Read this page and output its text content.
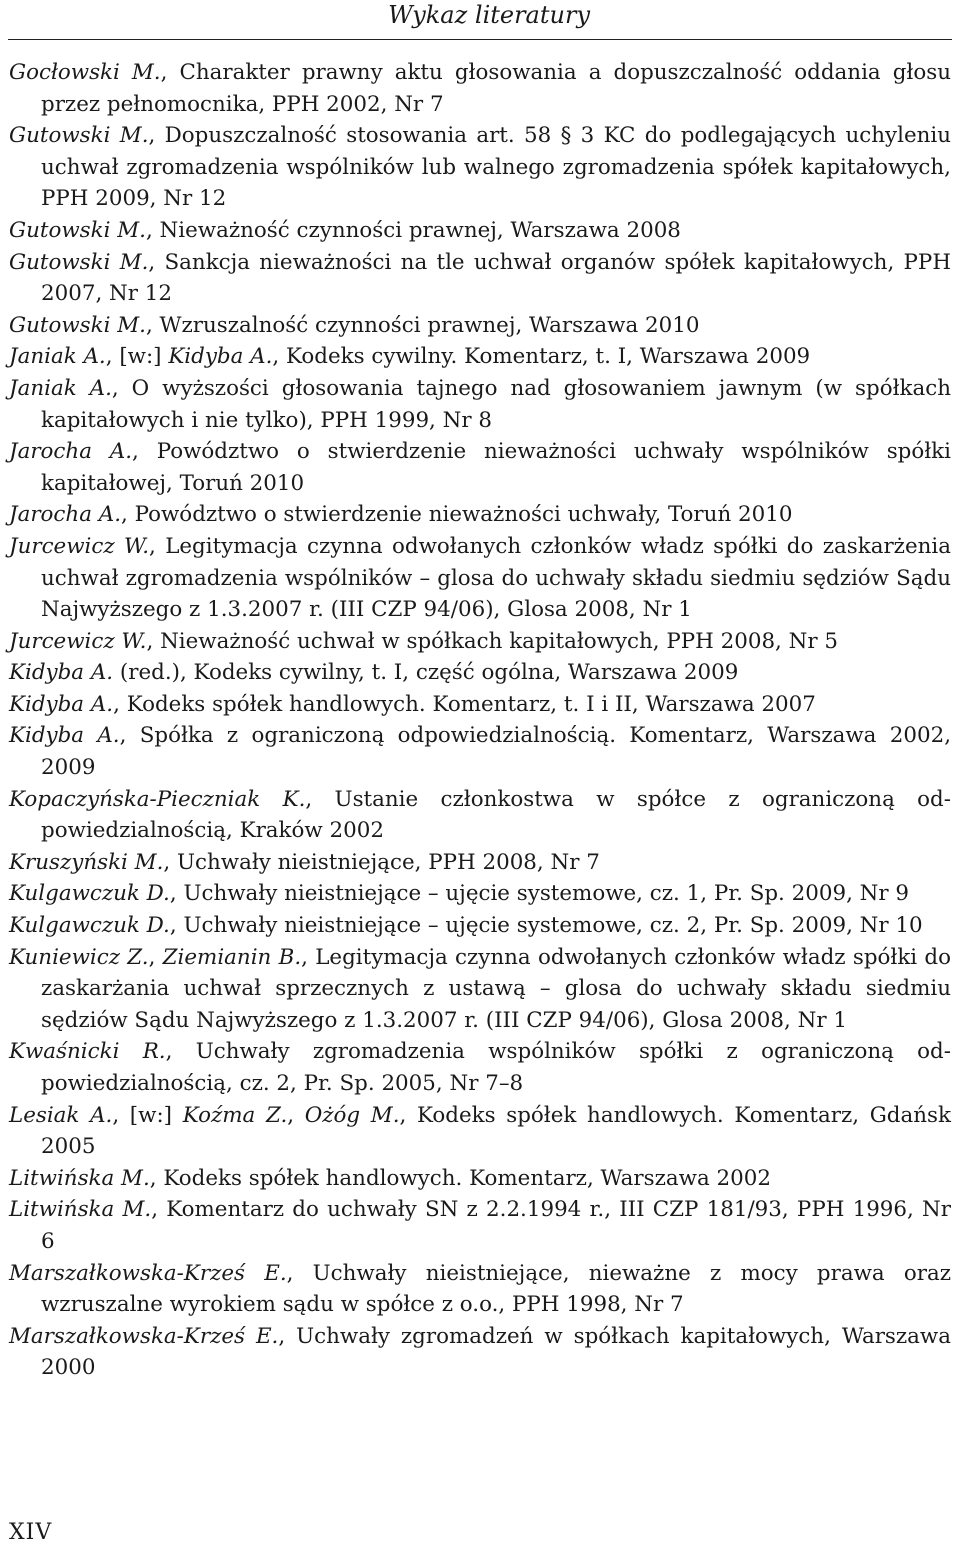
Wykaz literatury
Gocłowski M., Charakter prawny aktu głosowania a dopuszczalność oddania głosu przez pełnomocnika, PPH 2002, Nr 7
Gutowski M., Dopuszczalność stosowania art. 58 § 3 KC do podlegających uchyleniu uchwał zgromadzenia wspólników lub walnego zgromadzenia spółek kapitałowych, PPH 2009, Nr 12
Gutowski M., Nieważność czynności prawnej, Warszawa 2008
Gutowski M., Sankcja nieważności na tle uchwał organów spółek kapitałowych, PPH 2007, Nr 12
Gutowski M., Wzruszalność czynności prawnej, Warszawa 2010
Janiak A., [w:] Kidyba A., Kodeks cywilny. Komentarz, t. I, Warszawa 2009
Janiak A., O wyższości głosowania tajnego nad głosowaniem jawnym (w spółkach kapitałowych i nie tylko), PPH 1999, Nr 8
Jarocha A., Powództwo o stwierdzenie nieważności uchwały wspólników spółki kapitałowej, Toruń 2010
Jarocha A., Powództwo o stwierdzenie nieważności uchwały, Toruń 2010
Jurcewicz W., Legitymacja czynna odwołanych członków władz spółki do zaskarżenia uchwał zgromadzenia wspólników – glosa do uchwały składu siedmiu sędziów Sądu Najwyższego z 1.3.2007 r. (III CZP 94/06), Glosa 2008, Nr 1
Jurcewicz W., Nieważność uchwał w spółkach kapitałowych, PPH 2008, Nr 5
Kidyba A. (red.), Kodeks cywilny, t. I, część ogólna, Warszawa 2009
Kidyba A., Kodeks spółek handlowych. Komentarz, t. I i II, Warszawa 2007
Kidyba A., Spółka z ograniczoną odpowiedzialnością. Komentarz, Warszawa 2002, 2009
Kopaczyńska-Pieczniak K., Ustanie członkostwa w spółce z ograniczoną odpowiedzialnością, Kraków 2002
Kruszyński M., Uchwały nieistniejące, PPH 2008, Nr 7
Kulgawczuk D., Uchwały nieistniejące – ujęcie systemowe, cz. 1, Pr. Sp. 2009, Nr 9
Kulgawczuk D., Uchwały nieistniejące – ujęcie systemowe, cz. 2, Pr. Sp. 2009, Nr 10
Kuniewicz Z., Ziemianin B., Legitymacja czynna odwołanych członków władz spółki do zaskarżania uchwał sprzecznych z ustawą – glosa do uchwały składu siedmiu sędziów Sądu Najwyższego z 1.3.2007 r. (III CZP 94/06), Glosa 2008, Nr 1
Kwaśnicki R., Uchwały zgromadzenia wspólników spółki z ograniczoną odpowiedzialnością, cz. 2, Pr. Sp. 2005, Nr 7–8
Lesiak A., [w:] Koźma Z., Ożóg M., Kodeks spółek handlowych. Komentarz, Gdańsk 2005
Litwińska M., Kodeks spółek handlowych. Komentarz, Warszawa 2002
Litwińska M., Komentarz do uchwały SN z 2.2.1994 r., III CZP 181/93, PPH 1996, Nr 6
Marszałkowska-Krześ E., Uchwały nieistniejące, nieważne z mocy prawa oraz wzruszalne wyrokiem sądu w spółce z o.o., PPH 1998, Nr 7
Marszałkowska-Krześ E., Uchwały zgromadzeń w spółkach kapitałowych, Warszawa 2000
XIV
